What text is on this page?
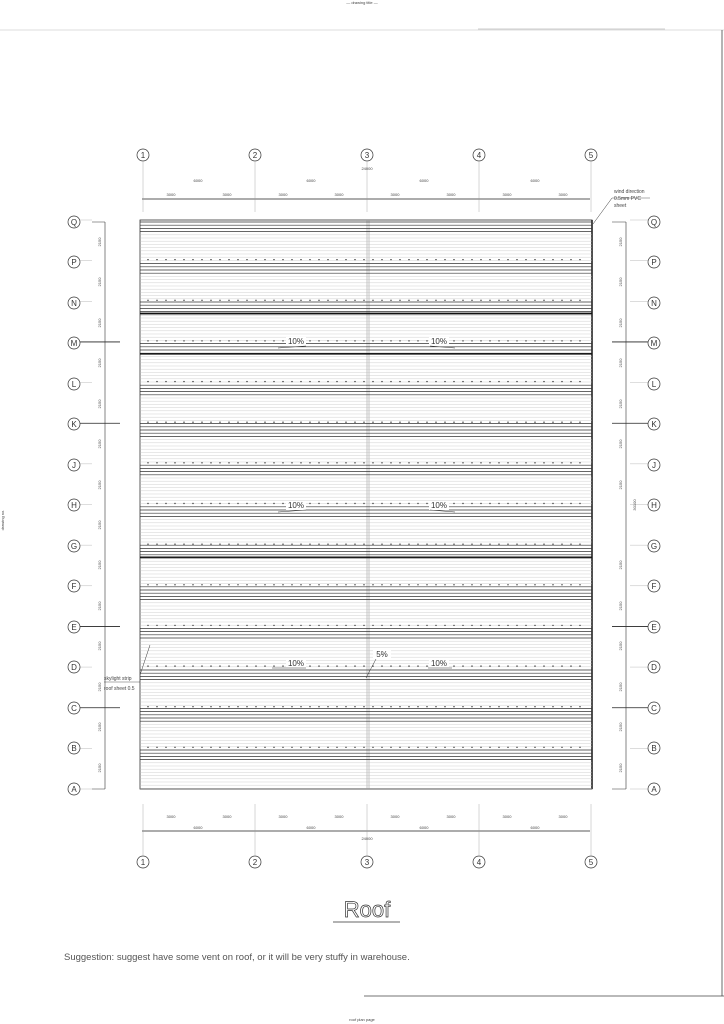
— drawing title —
roof plan page
drawing no.
24000
24000
30100
6000	6000	6000	6000
3000	3000	3000	3000	3000	3000	3000	3000
3000	3000	3000	3000	3000	3000	3000	3000
6000	6000	6000	6000
2150
2150
2150
2150
2150
2150
2150
2150
2150
2150
2150
2150
2150
2150
2150
2150
2150
2150
2150
2150
2150
2150
2150
2150
2150
2150
2150
1	2	3	4	5
1	2	3	4	5
A
B
C
D
E
F
G
H
J
K
L
M
N
P
Q
A
B
C
D
E
F
G
H
J
K
L
M
N
P
Q
10%	10%
10%	10%
10%
5%
10%
wind direction
0.5mm PVC
sheet
skylight strip
roof sheet 0.5
Roof
Suggestion: suggest have some vent on roof, or it will be very stuffy in warehouse.
